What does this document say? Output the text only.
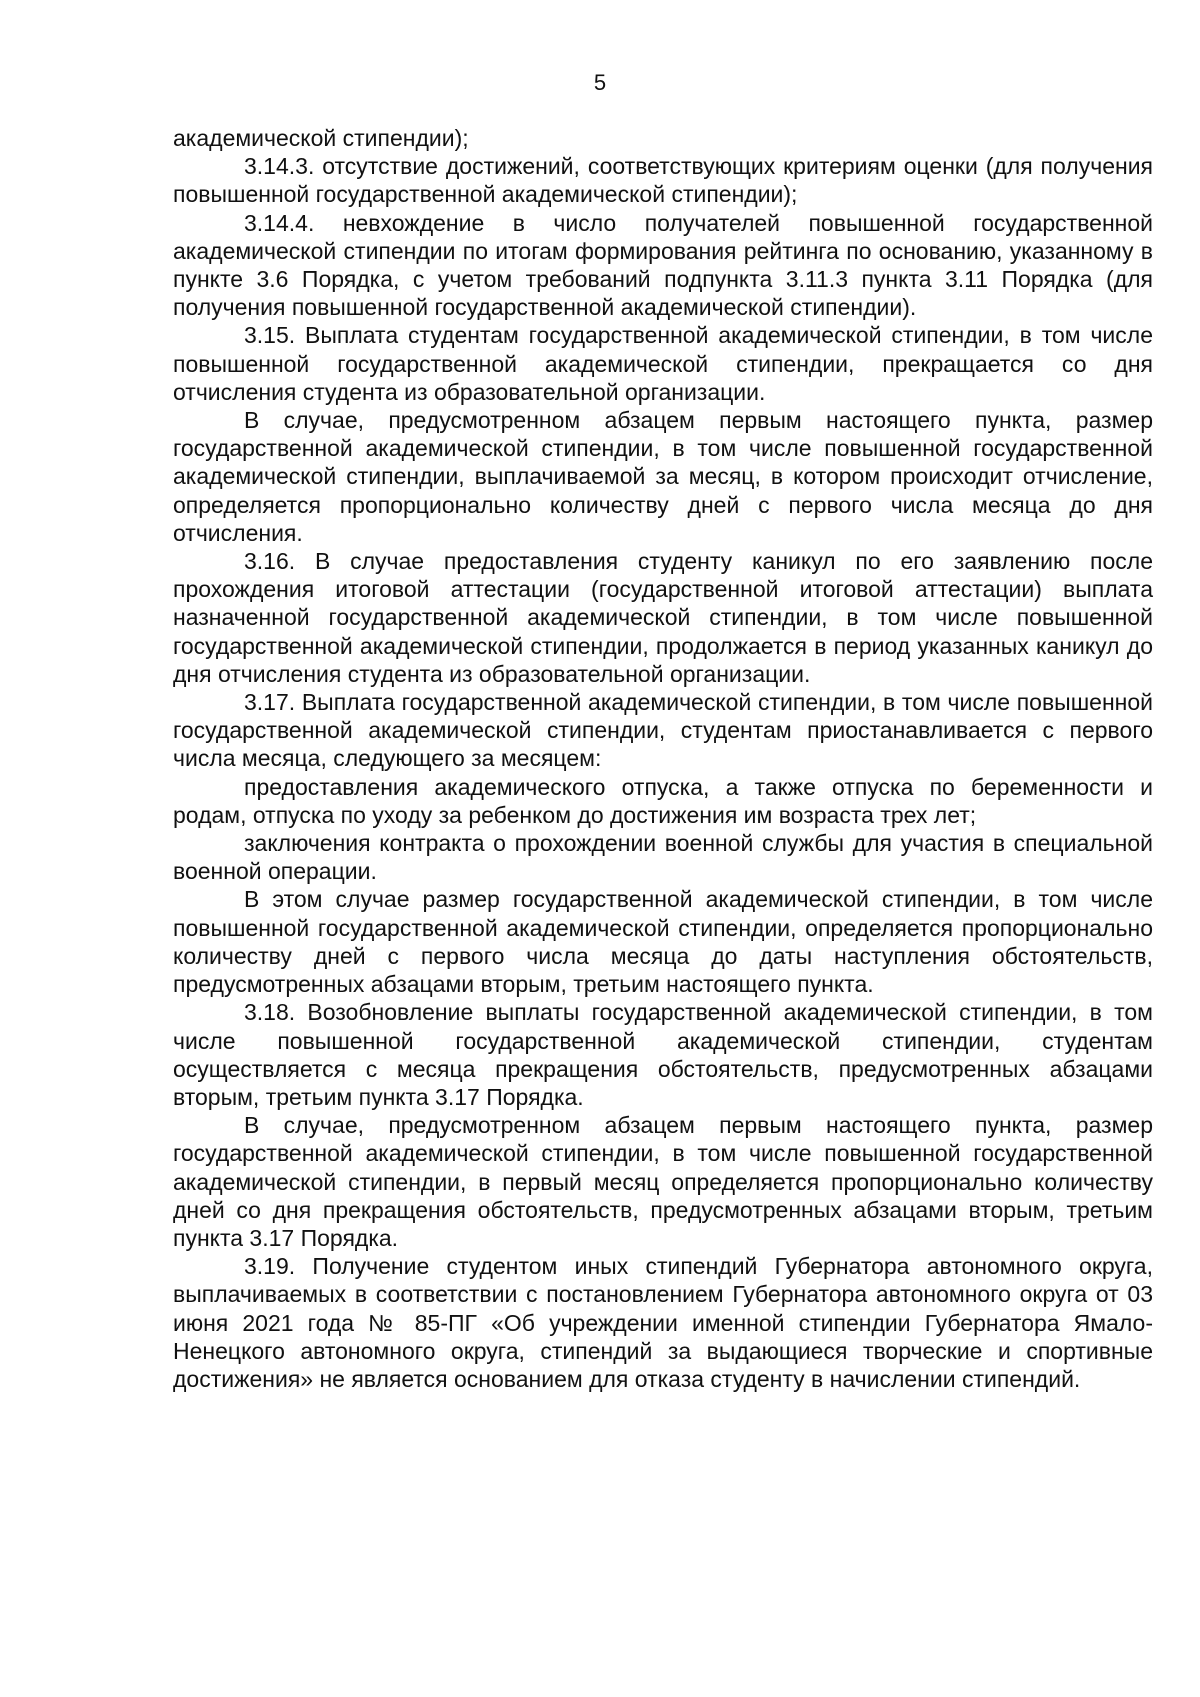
5

академической стипендии);

3.14.3. отсутствие достижений, соответствующих критериям оценки (для получения повышенной государственной академической стипендии);

3.14.4. невхождение в число получателей повышенной государственной академической стипендии по итогам формирования рейтинга по основанию, указанному в пункте 3.6 Порядка, с учетом требований подпункта 3.11.3 пункта 3.11 Порядка (для получения повышенной государственной академической стипендии).

3.15. Выплата студентам государственной академической стипендии, в том числе повышенной государственной академической стипендии, прекращается со дня отчисления студента из образовательной организации.

В случае, предусмотренном абзацем первым настоящего пункта, размер государственной академической стипендии, в том числе повышенной государственной академической стипендии, выплачиваемой за месяц, в котором происходит отчисление, определяется пропорционально количеству дней с первого числа месяца до дня отчисления.

3.16. В случае предоставления студенту каникул по его заявлению после прохождения итоговой аттестации (государственной итоговой аттестации) выплата назначенной государственной академической стипендии, в том числе повышенной государственной академической стипендии, продолжается в период указанных каникул до дня отчисления студента из образовательной организации.

3.17. Выплата государственной академической стипендии, в том числе повышенной государственной академической стипендии, студентам приостанавливается с первого числа месяца, следующего за месяцем:

предоставления академического отпуска, а также отпуска по беременности и родам, отпуска по уходу за ребенком до достижения им возраста трех лет;

заключения контракта о прохождении военной службы для участия в специальной военной операции.

В этом случае размер государственной академической стипендии, в том числе повышенной государственной академической стипендии, определяется пропорционально количеству дней с первого числа месяца до даты наступления обстоятельств, предусмотренных абзацами вторым, третьим настоящего пункта.

3.18. Возобновление выплаты государственной академической стипендии, в том числе повышенной государственной академической стипендии, студентам осуществляется с месяца прекращения обстоятельств, предусмотренных абзацами вторым, третьим пункта 3.17 Порядка.

В случае, предусмотренном абзацем первым настоящего пункта, размер государственной академической стипендии, в том числе повышенной государственной академической стипендии, в первый месяц определяется пропорционально количеству дней со дня прекращения обстоятельств, предусмотренных абзацами вторым, третьим пункта 3.17 Порядка.

3.19. Получение студентом иных стипендий Губернатора автономного округа, выплачиваемых в соответствии с постановлением Губернатора автономного округа от 03 июня 2021 года № 85-ПГ «Об учреждении именной стипендии Губернатора Ямало-Ненецкого автономного округа, стипендий за выдающиеся творческие и спортивные достижения» не является основанием для отказа студенту в начислении стипендий.
